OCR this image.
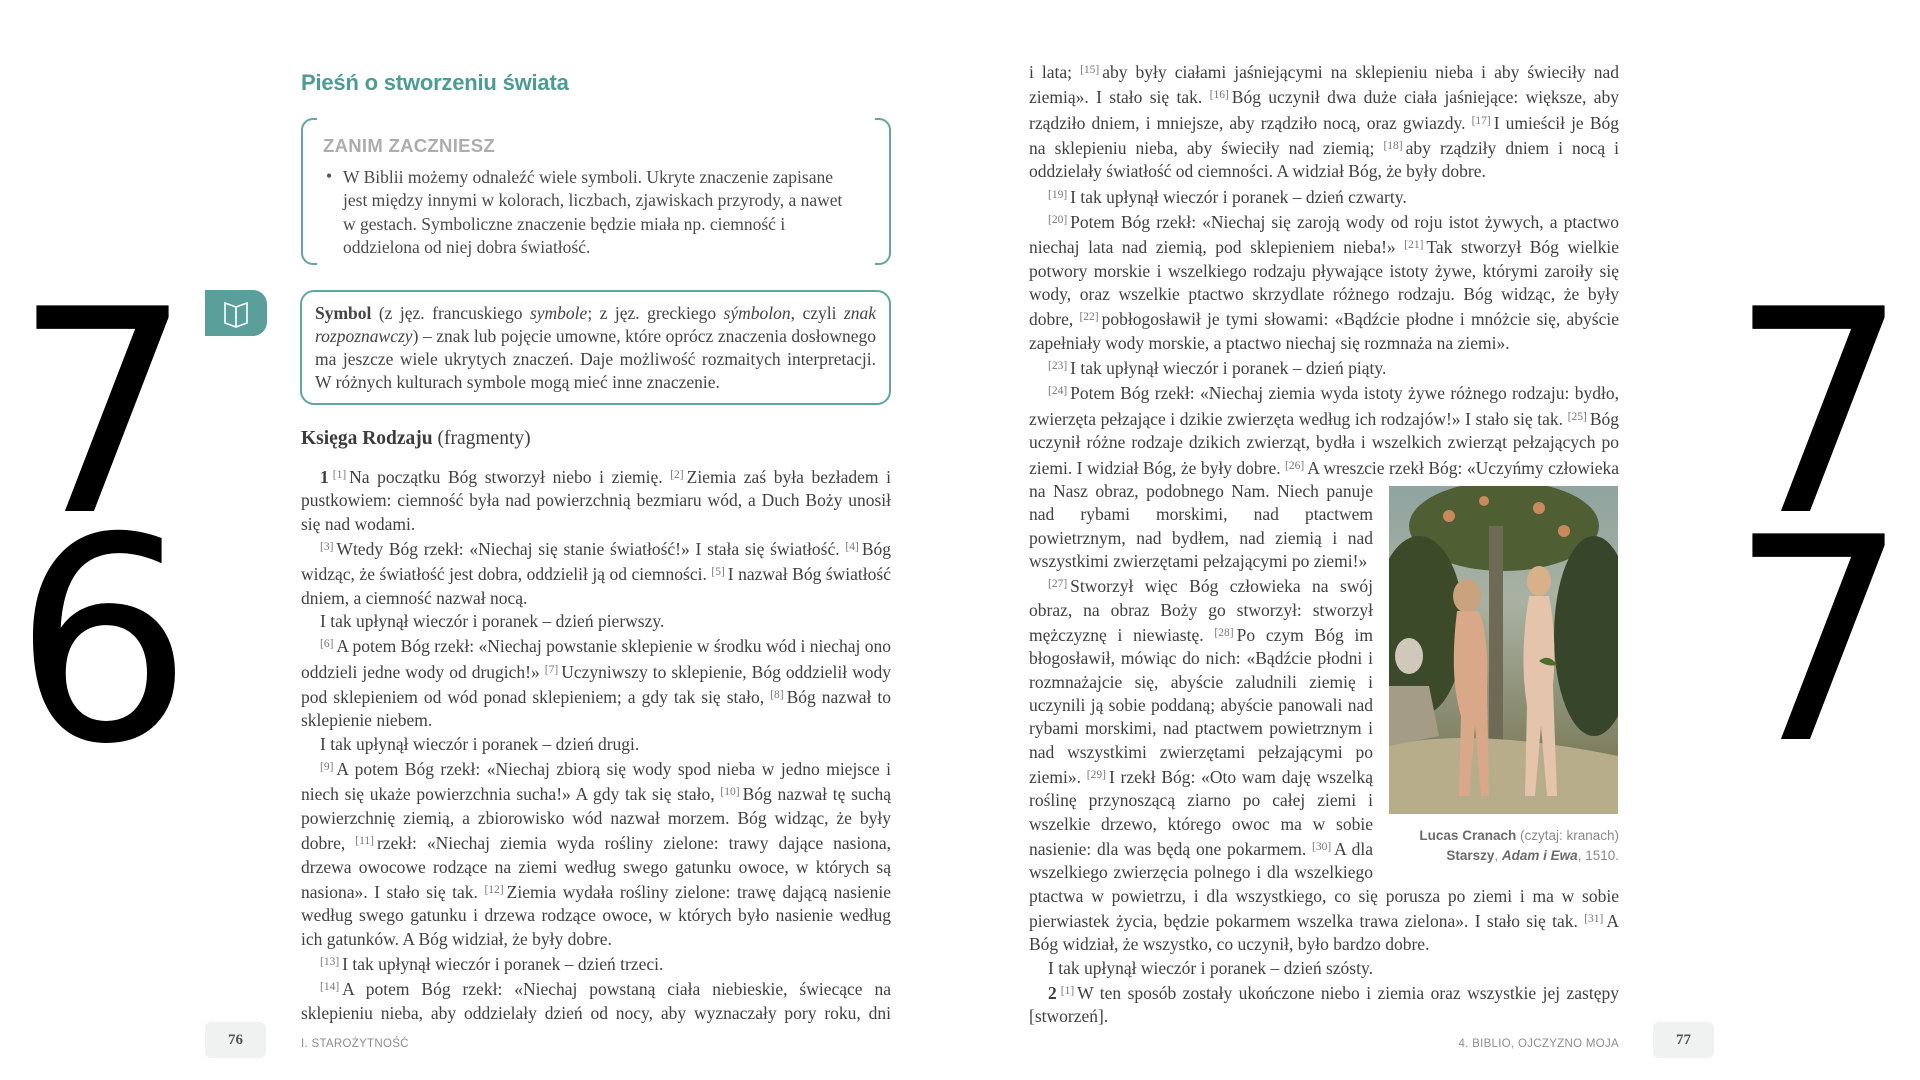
Pieśń o stworzeniu świata
ZANIM ZACZNIESZ
• W Biblii możemy odnaleźć wiele symboli. Ukryte znaczenie zapisane jest między innymi w kolorach, liczbach, zjawiskach przyrody, a nawet w gestach. Symboliczne znaczenie będzie miała np. ciemność i oddzielona od niej dobra światłość.
Symbol (z jęz. francuskiego symbole; z jęz. greckiego sýmbolon, czyli znak rozpoznawczy) – znak lub pojęcie umowne, które oprócz znaczenia dosłownego ma jeszcze wiele ukrytych znaczeń. Daje możliwość rozmaitych interpretacji. W różnych kulturach symbole mogą mieć inne znaczenie.
Księga Rodzaju (fragmenty)

1 [1] Na początku Bóg stworzył niebo i ziemię. [2] Ziemia zaś była bezładem i pustkowiem: ciemność była nad powierzchnią bezmiaru wód, a Duch Boży unosił się nad wodami.

[3] Wtedy Bóg rzekł: «Niechaj się stanie światłość!» I stała się światłość. [4] Bóg widząc, że światłość jest dobra, oddzielił ją od ciemności. [5] I nazwał Bóg światłość dniem, a ciemność nazwał nocą.

I tak upłynął wieczór i poranek – dzień pierwszy.

[6] A potem Bóg rzekł: «Niechaj powstanie sklepienie w środku wód i niechaj ono oddzieli jedne wody od drugich!» [7] Uczyniwszy to sklepienie, Bóg oddzielił wody pod sklepieniem od wód ponad sklepieniem; a gdy tak się stało, [8] Bóg nazwał to sklepienie niebem.

I tak upłynął wieczór i poranek – dzień drugi.

[9] A potem Bóg rzekł: «Niechaj zbiorą się wody spod nieba w jedno miejsce i niech się ukaże powierzchnia sucha!» A gdy tak się stało, [10] Bóg nazwał tę suchą powierzchnię ziemią, a zbiorowisko wód nazwał morzem. Bóg widząc, że były dobre, [11] rzekł: «Niechaj ziemia wyda rośliny zielone: trawy dające nasiona, drzewa owocowe rodzące na ziemi według swego gatunku owoce, w których są nasiona». I stało się tak. [12] Ziemia wydała rośliny zielone: trawę dającą nasienie według swego gatunku i drzewa rodzące owoce, w których było nasienie według ich gatunków. A Bóg widział, że były dobre.

[13] I tak upłynął wieczór i poranek – dzień trzeci.

[14] A potem Bóg rzekł: «Niechaj powstaną ciała niebieskie, świecące na sklepieniu nieba, aby oddzielały dzień od nocy, aby wyznaczały pory roku, dni

Lucas Cranach (czytaj: kranach)
Starszy, Adam i Ewa, 1510.

i lata; [15] aby były ciałami jaśniejącymi na sklepieniu nieba i aby świeciły nad ziemią». I stało się tak. [16] Bóg uczynił dwa duże ciała jaśniejące: większe, aby rządziło dniem, i mniejsze, aby rządziło nocą, oraz gwiazdy. [17] I umieścił je Bóg na sklepieniu nieba, aby świeciły nad ziemią; [18] aby rządziły dniem i nocą i oddzielały światłość od ciemności. A widział Bóg, że były dobre.

[19] I tak upłynął wieczór i poranek – dzień czwarty.

[20] Potem Bóg rzekł: «Niechaj się zaroją wody od roju istot żywych, a ptactwo niechaj lata nad ziemią, pod sklepieniem nieba!» [21] Tak stworzył Bóg wielkie potwory morskie i wszelkiego rodzaju pływające istoty żywe, którymi zaroiły się wody, oraz wszelkie ptactwo skrzydlate różnego rodzaju. Bóg widząc, że były dobre, [22] pobłogosławił je tymi słowami: «Bądźcie płodne i mnóżcie się, abyście zapełniały wody morskie, a ptactwo niechaj się rozmnaża na ziemi».

[23] I tak upłynął wieczór i poranek – dzień piąty.

[24] Potem Bóg rzekł: «Niechaj ziemia wyda istoty żywe różnego rodzaju: bydło, zwierzęta pełzające i dzikie zwierzęta według ich rodzajów!» I stało się tak. [25] Bóg uczynił różne rodzaje dzikich zwierząt, bydła i wszelkich zwierząt pełzających po ziemi. I widział Bóg, że były dobre. [26] A wreszcie rzekł Bóg: «Uczyńmy człowieka na Nasz obraz, podobnego Nam. Niech panuje nad rybami morskimi, nad ptactwem powietrznym, nad bydłem, nad ziemią i nad wszystkimi zwierzętami pełzającymi po ziemi!»

[27] Stworzył więc Bóg człowieka na swój obraz, na obraz Boży go stworzył: stworzył mężczyznę i niewiastę. [28] Po czym Bóg im błogosławił, mówiąc do nich: «Bądźcie płodni i rozmnażajcie się, abyście zaludnili ziemię i uczynili ją sobie poddaną; abyście panowali nad rybami morskimi, nad ptactwem powietrznym i nad wszystkimi zwierzętami pełzającymi po ziemi». [29] I rzekł Bóg: «Oto wam daję wszelką roślinę przynoszącą ziarno po całej ziemi i wszelkie drzewo, którego owoc ma w sobie nasienie: dla was będą one pokarmem. [30] A dla wszelkiego zwierzęcia polnego i dla wszelkiego ptactwa w powietrzu, i dla wszystkiego, co się porusza po ziemi i ma w sobie pierwiastek życia, będzie pokarmem wszelka trawa zielona». I stało się tak. [31] A Bóg widział, że wszystko, co uczynił, było bardzo dobre.

I tak upłynął wieczór i poranek – dzień szósty.

2 [1] W ten sposób zostały ukończone niebo i ziemia oraz wszystkie jej zastępy [stworzeń].

76	I. STAROŻYTNOŚĆ	4. BIBLIO, OJCZYZNO MOJA	77
76
77
